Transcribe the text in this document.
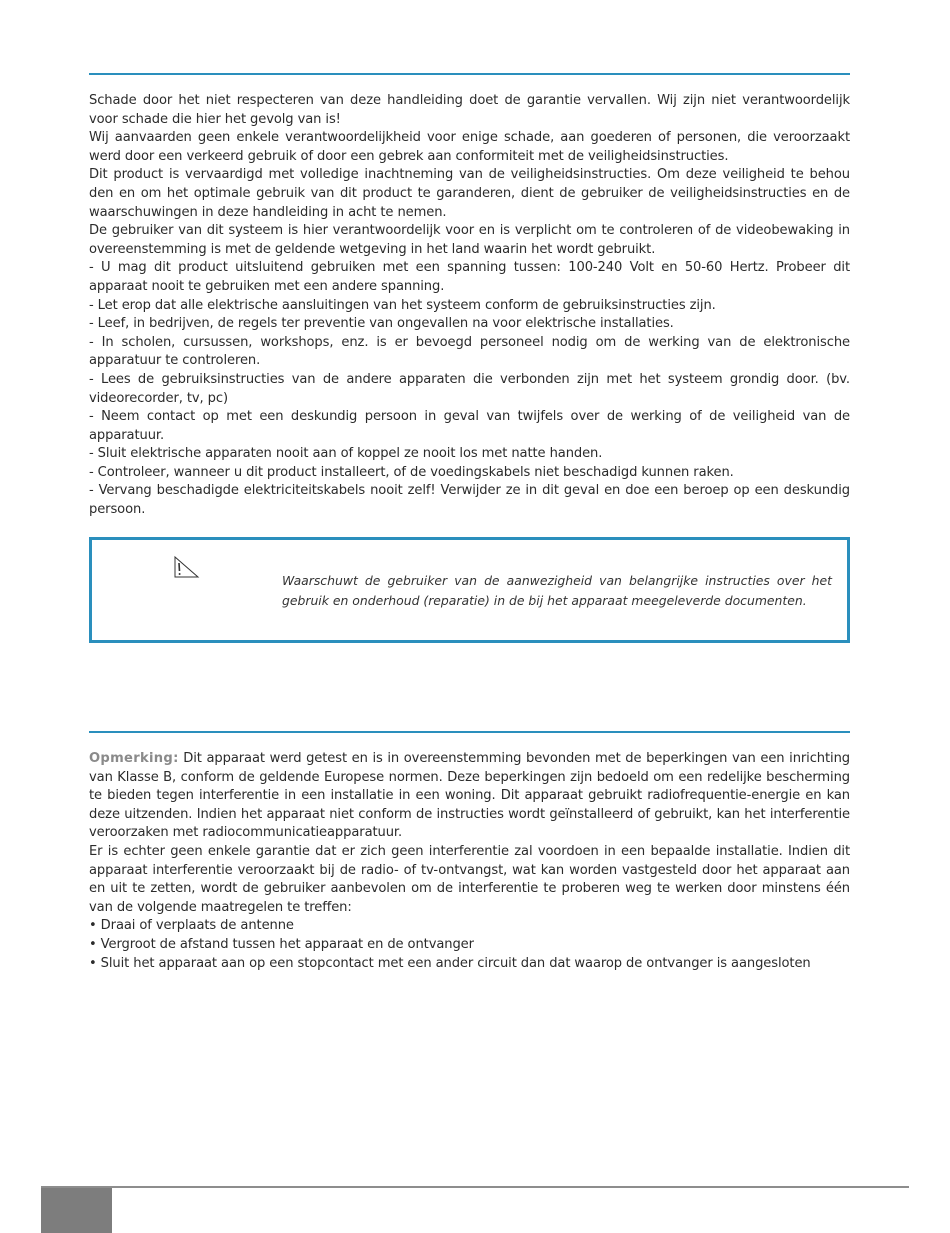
Schade door het niet respecteren van deze handleiding doet de garantie vervallen. Wij zijn niet verantwoordelijk voor schade die hier het gevolg van is!

Wij aanvaarden geen enkele verantwoordelijkheid voor enige schade, aan goederen of personen, die veroorzaakt werd door een verkeerd gebruik of door een gebrek aan conformiteit met de veiligheidsinstructies.

Dit product is vervaardigd met volledige inachtneming van de veiligheidsinstructies. Om deze veiligheid te behou den en om het optimale gebruik van dit product te garanderen, dient de gebruiker de veiligheidsinstructies en de waarschuwingen in deze handleiding in acht te nemen.

De gebruiker van dit systeem is hier verantwoordelijk voor en is verplicht om te controleren of de videobewaking in overeenstemming is met de geldende wetgeving in het land waarin het wordt gebruikt.

- U mag dit product uitsluitend gebruiken met een spanning tussen: 100-240 Volt en 50-60 Hertz. Probeer dit apparaat nooit te gebruiken met een andere spanning.

- Let erop dat alle elektrische aansluitingen van het systeem conform de gebruiksinstructies zijn.

- Leef, in bedrijven, de regels ter preventie van ongevallen na voor elektrische installaties.

- In scholen, cursussen, workshops, enz. is er bevoegd personeel nodig om de werking van de elektronische apparatuur te controleren.

- Lees de gebruiksinstructies van de andere apparaten die verbonden zijn met het systeem grondig door. (bv. videorecorder, tv, pc)

- Neem contact op met een deskundig persoon in geval van twijfels over de werking of de veiligheid van de apparatuur.

- Sluit elektrische apparaten nooit aan of koppel ze nooit los met natte handen.

- Controleer, wanneer u dit product installeert, of de voedingskabels niet beschadigd kunnen raken.

- Vervang beschadigde elektriciteitskabels nooit zelf! Verwijder ze in dit geval en doe een beroep op een deskundig persoon.

Waarschuwt de gebruiker van de aanwezigheid van belangrijke instructies over het gebruik en onderhoud (reparatie) in de bij het apparaat meegeleverde documenten.

Opmerking: Dit apparaat werd getest en is in overeenstemming bevonden met de beperkingen van een inrichting van Klasse B, conform de geldende Europese normen. Deze beperkingen zijn bedoeld om een redelijke bescherming te bieden tegen interferentie in een installatie in een woning. Dit apparaat gebruikt radiofrequentie-energie en kan deze uitzenden. Indien het apparaat niet conform de instructies wordt geïnstalleerd of gebruikt, kan het interferentie veroorzaken met radiocommunicatieapparatuur.

Er is echter geen enkele garantie dat er zich geen interferentie zal voordoen in een bepaalde installatie. Indien dit apparaat interferentie veroorzaakt bij de radio- of tv-ontvangst, wat kan worden vastgesteld door het apparaat aan en uit te zetten, wordt de gebruiker aanbevolen om de interferentie te proberen weg te werken door minstens één van de volgende maatregelen te treffen:

• Draai of verplaats de antenne

• Vergroot de afstand tussen het apparaat en de ontvanger

• Sluit het apparaat aan op een stopcontact met een ander circuit dan dat waarop de ontvanger is aangesloten
